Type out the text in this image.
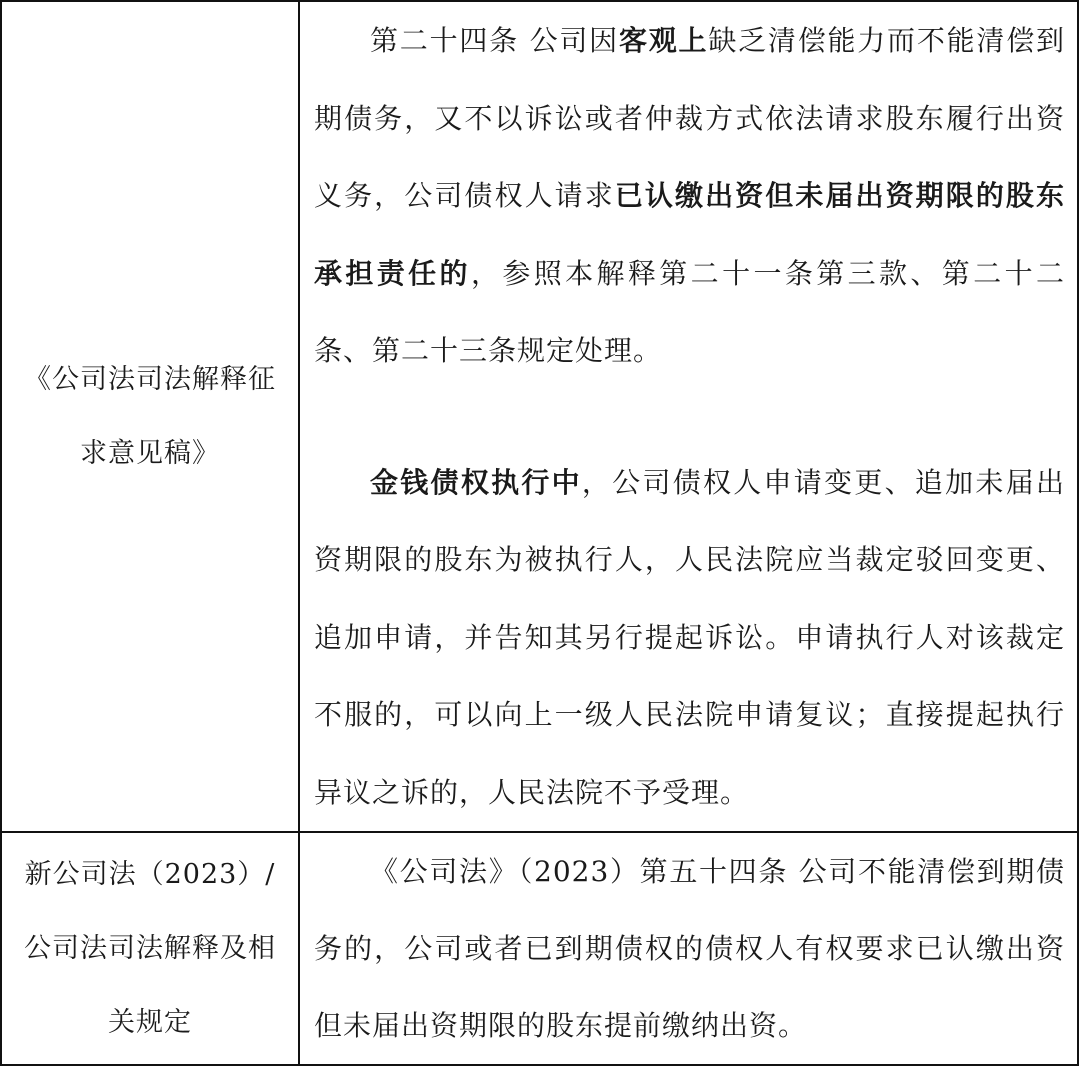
《公司法司法解释征求意见稿》	第二十四条 公司因客观上缺乏清偿能力而不能清偿到期债务，又不以诉讼或者仲裁方式依法请求股东履行出资义务，公司债权人请求已认缴出资但未届出资期限的股东承担责任的，参照本解释第二十一条第三款、第二十二条、第二十三条规定处理。

金钱债权执行中，公司债权人申请变更、追加未届出资期限的股东为被执行人，人民法院应当裁定驳回变更、追加申请，并告知其另行提起诉讼。申请执行人对该裁定不服的，可以向上一级人民法院申请复议；直接提起执行异议之诉的，人民法院不予受理。

新公司法（2023）/公司法司法解释及相关规定	《公司法》（2023）第五十四条 公司不能清偿到期债务的，公司或者已到期债权的债权人有权要求已认缴出资但未届出资期限的股东提前缴纳出资。
